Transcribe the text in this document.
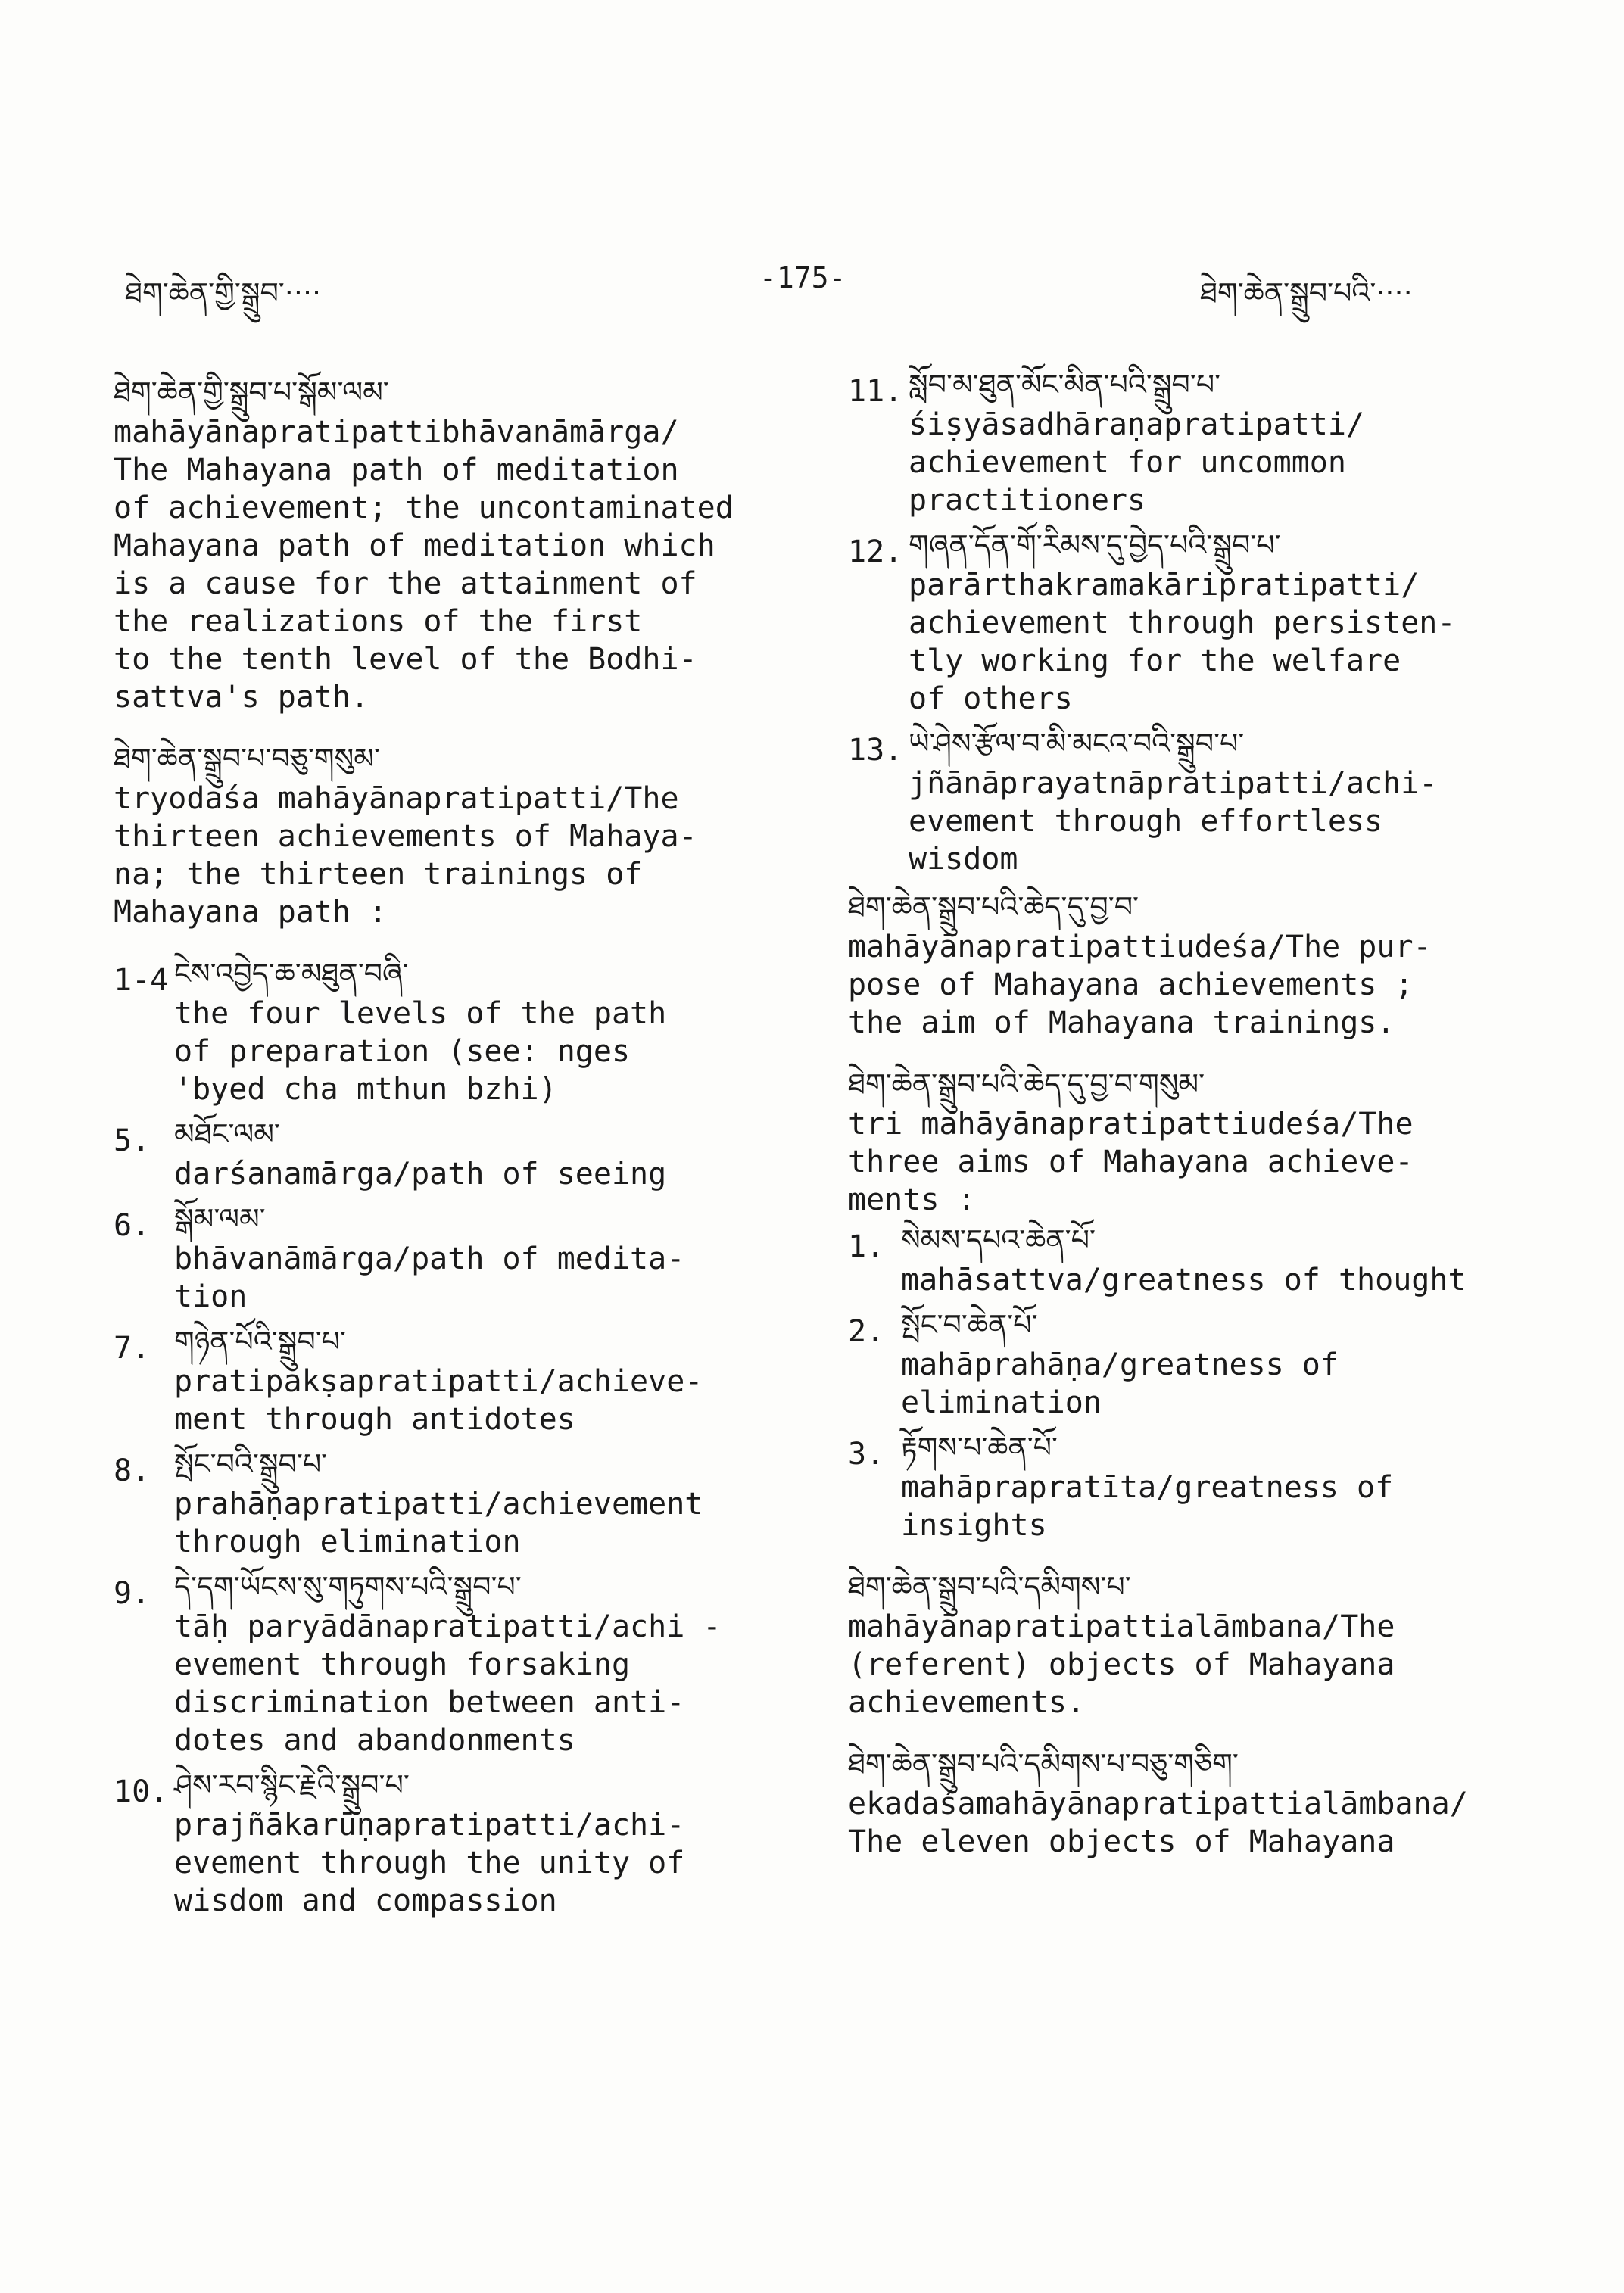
ཐེག་ཆེན་གྱི་སྒྲུབ་····	-175-	ཐེག་ཆེན་སྒྲུབ་པའི་····
ཐེག་ཆེན་གྱི་སྒྲུབ་པ་སྒོམ་ལམ་
mahāyānapratipattibhāvanāmārga/
The Mahayana path of meditation
of achievement; the uncontaminated
Mahayana path of meditation which
is a cause for the attainment of
the realizations of the first
to the tenth level of the Bodhi-
sattva's path.
ཐེག་ཆེན་སྒྲུབ་པ་བཅུ་གསུམ་
tryodaśa mahāyānapratipatti/The
thirteen achievements of Mahaya-
na; the thirteen trainings of
Mahayana path :
1-4 ངེས་འབྱེད་ཆ་མཐུན་བཞི་
the four levels of the path
of preparation (see: nges
'byed cha mthun bzhi)
5. མཐོང་ལམ་
darśanamārga/path of seeing
6. སྒོམ་ལམ་
bhāvanāmārga/path of medita-
tion
7. གཉེན་པོའི་སྒྲུབ་པ་
pratipakṣapratipatti/achieve-
ment through antidotes
8. སྤོང་བའི་སྒྲུབ་པ་
prahāṇapratipatti/achievement
through elimination
9. དེ་དག་ཡོངས་སུ་གཏུགས་པའི་སྒྲུབ་པ་
tāḥ paryādānapratipatti/achi -
evement through forsaking
discrimination between anti-
dotes and abandonments
10. ཤེས་རབ་སྙིང་རྗེའི་སྒྲུབ་པ་
prajñākarūṇapratipatti/achi-
evement through the unity of
wisdom and compassion
11. སློབ་མ་ཐུན་མོང་མིན་པའི་སྒྲུབ་པ་
śiṣyāsadhāraṇapratipatti/
achievement for uncommon
practitioners
12. གཞན་དོན་གོ་རིམས་དུ་བྱེད་པའི་སྒྲུབ་པ་
parārthakramakāripratipatti/
achievement through persisten-
tly working for the welfare
of others
13. ཡེ་ཤེས་རྩོལ་བ་མི་མངའ་བའི་སྒྲུབ་པ་
jñānāprayatnāpratipatti/achi-
evement through effortless
wisdom
ཐེག་ཆེན་སྒྲུབ་པའི་ཆེད་དུ་བྱ་བ་
mahāyānapratipattiudeśa/The pur-
pose of Mahayana achievements ;
the aim of Mahayana trainings.
ཐེག་ཆེན་སྒྲུབ་པའི་ཆེད་དུ་བྱ་བ་གསུམ་
tri mahāyānapratipattiudeśa/The
three aims of Mahayana achieve-
ments :
1. སེམས་དཔའ་ཆེན་པོ་
mahāsattva/greatness of thought
2. སྤོང་བ་ཆེན་པོ་
mahāprahāṇa/greatness of
elimination
3. རྟོགས་པ་ཆེན་པོ་
mahāprapratīta/greatness of
insights
ཐེག་ཆེན་སྒྲུབ་པའི་དམིགས་པ་
mahāyānapratipattialāmbana/The
(referent) objects of Mahayana
achievements.
ཐེག་ཆེན་སྒྲུབ་པའི་དམིགས་པ་བཅུ་གཅིག་
ekadaśamahāyānapratipattialāmbana/
The eleven objects of Mahayana
